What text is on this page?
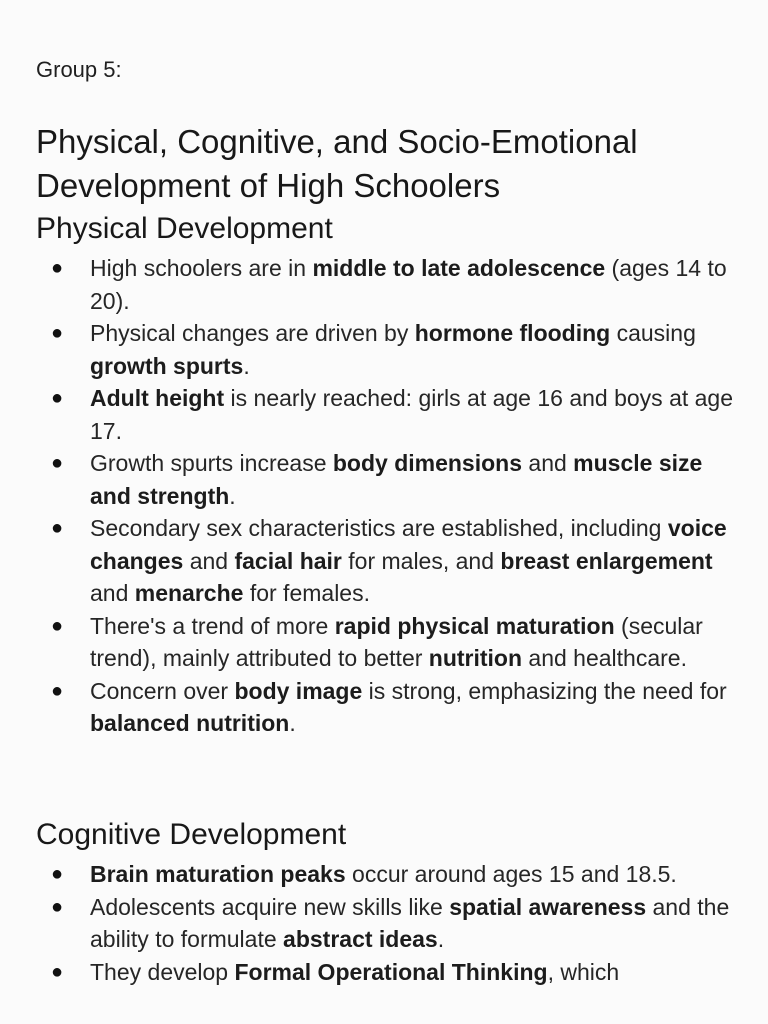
Group 5:
Physical, Cognitive, and Socio-Emotional Development of High Schoolers
Physical Development
● High schoolers are in middle to late adolescence (ages 14 to 20).
● Physical changes are driven by hormone flooding causing growth spurts.
● Adult height is nearly reached: girls at age 16 and boys at age 17.
● Growth spurts increase body dimensions and muscle size and strength.
● Secondary sex characteristics are established, including voice changes and facial hair for males, and breast enlargement and menarche for females.
● There's a trend of more rapid physical maturation (secular trend), mainly attributed to better nutrition and healthcare.
● Concern over body image is strong, emphasizing the need for balanced nutrition.
Cognitive Development
● Brain maturation peaks occur around ages 15 and 18.5.
● Adolescents acquire new skills like spatial awareness and the ability to formulate abstract ideas.
● They develop Formal Operational Thinking, which
